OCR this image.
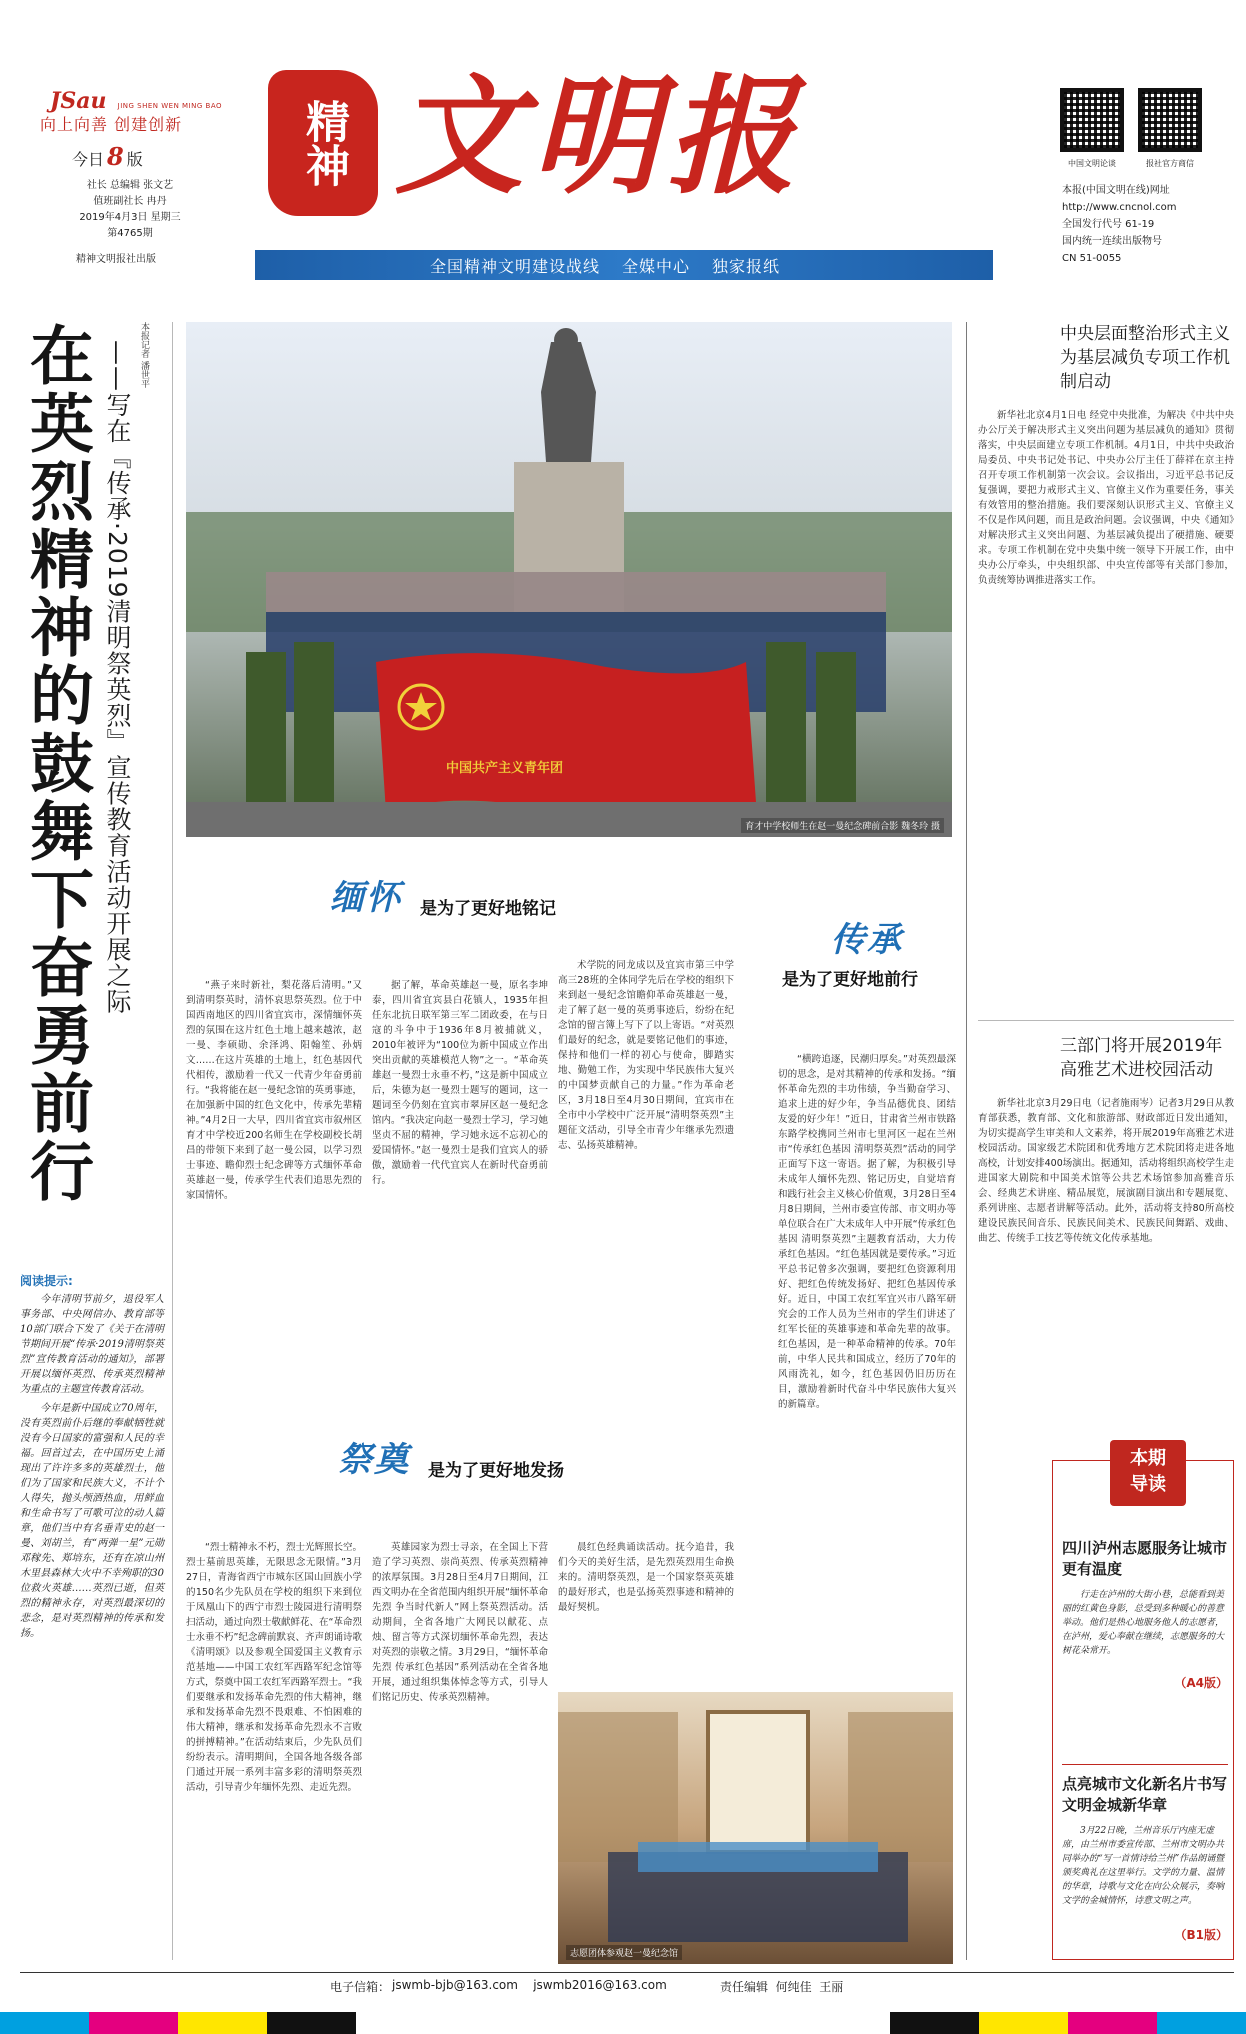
JSau JING SHEN WEN MING BAO
向上向善 创建创新
今日 8 版
社长 总编辑 张文艺
值班副社长 冉丹
2019年4月3日 星期三
第4765期
精神文明报社出版
精神 文明报
全国精神文明建设战线 全媒中心 独家报纸
中国文明论谈	报社官方商信
本报(中国文明在线)网址
http://www.cncnol.com
全国发行代号 61-19
国内统一连续出版物号
CN 51-0055
在英烈精神的鼓舞下奋勇前行 ——写在『传承·2019清明祭英烈』宣传教育活动开展之际 本报记者 潘世平
中国共产主义青年团
育才中学校师生在赵一曼纪念碑前合影 魏冬玲 摄
缅怀 是为了更好地铭记
传承
是为了更好地前行
祭奠 是为了更好地发扬
阅读提示:
今年清明节前夕，退役军人事务部、中央网信办、教育部等10部门联合下发了《关于在清明节期间开展“传承·2019清明祭英烈”宣传教育活动的通知》，部署开展以缅怀英烈、传承英烈精神为重点的主题宣传教育活动。
今年是新中国成立70周年，没有英烈前仆后继的奉献牺牲就没有今日国家的富强和人民的幸福。回首过去，在中国历史上涌现出了许许多多的英雄烈士，他们为了国家和民族大义，不计个人得失，抛头颅洒热血，用鲜血和生命书写了可歌可泣的动人篇章，他们当中有名垂青史的赵一曼、刘胡兰，有“两弹一星”元勋邓稼先、郑培东，还有在凉山州木里县森林大火中不幸殉职的30位救火英雄……英烈已逝，但英烈的精神永存，对英烈最深切的悲念，是对英烈精神的传承和发扬。

“燕子来时新社，梨花落后清明。”又到清明祭英时，清怀哀思祭英烈。位于中国西南地区的四川省宜宾市，深情缅怀英烈的氛围在这片红色土地上越来越浓，赵一曼、李硕勋、余泽鸿、阳翰笙、孙炳文……在这片英雄的土地上，红色基因代代相传，激励着一代又一代青少年奋勇前行。“我将能在赵一曼纪念馆的英勇事迹，在加强新中国的红色文化中，传承先辈精神。”4月2日一大早，四川省宜宾市叙州区育才中学校近200名师生在学校副校长胡昌的带领下来到了赵一曼公园，以学习烈士事迹、瞻仰烈士纪念碑等方式缅怀革命英雄赵一曼，传承学生代表们追思先烈的家国情怀。

据了解，革命英雄赵一曼，原名李坤泰，四川省宜宾县白花镇人，1935年担任东北抗日联军第三军二团政委，在与日寇的斗争中于1936年8月被捕就义，2010年被评为“100位为新中国成立作出突出贡献的英雄模范人物”之一。“革命英雄赵一曼烈士永垂不朽，”这是新中国成立后，朱德为赵一曼烈士题写的题词，这一题词至今仍刻在宜宾市翠屏区赵一曼纪念馆内。“我决定向赵一曼烈士学习，学习她坚贞不屈的精神，学习她永远不忘初心的爱国情怀。”赵一曼烈士是我们宜宾人的骄傲，激励着一代代宜宾人在新时代奋勇前行。

术学院的同龙成以及宜宾市第三中学高三28班的全体同学先后在学校的组织下来到赵一曼纪念馆瞻仰革命英雄赵一曼，走了解了赵一曼的英勇事迹后，纷纷在纪念馆的留言簿上写下了以上寄语。“对英烈们最好的纪念，就是要铭记他们的事迹，保持和他们一样的初心与使命，脚踏实地、勤勉工作，为实现中华民族伟大复兴的中国梦贡献自己的力量。”作为革命老区，3月18日至4月30日期间，宜宾市在全市中小学校中广泛开展“清明祭英烈”主题征文活动，引导全市青少年继承先烈遗志、弘扬英雄精神。

“横跨追逐，民潮归厚矣。”对英烈最深切的思念，是对其精神的传承和发扬。“缅怀革命先烈的丰功伟绩，争当勤奋学习、追求上进的好少年，争当品德优良、团结友爱的好少年！”近日，甘肃省兰州市铁路东路学校携同兰州市七里河区一起在兰州市“传承红色基因 清明祭英烈”活动的同学正面写下这一寄语。据了解，为积极引导未成年人缅怀先烈、铭记历史，自觉培育和践行社会主义核心价值观，3月28日至4月8日期间，兰州市委宣传部、市文明办等单位联合在广大未成年人中开展“传承红色基因 清明祭英烈”主题教育活动，大力传承红色基因。“红色基因就是要传承。”习近平总书记曾多次强调，要把红色资源利用好、把红色传统发扬好、把红色基因传承好。近日，中国工农红军宜兴市八路军研究会的工作人员为兰州市的学生们讲述了红军长征的英雄事迹和革命先辈的故事。红色基因，是一种革命精神的传承。70年前，中华人民共和国成立，经历了70年的风雨洗礼，如今，红色基因仍旧历历在目，激励着新时代奋斗中华民族伟大复兴的新篇章。

“烈士精神永不朽，烈士光辉照长空。烈士墓前思英雄，无限思念无限情。”3月27日，青海省西宁市城东区国山回族小学的150名少先队员在学校的组织下来到位于凤凰山下的西宁市烈士陵园进行清明祭扫活动，通过向烈士敬献鲜花、在“革命烈士永垂不朽”纪念碑前默哀、齐声朗诵诗歌《清明颂》以及参观全国爱国主义教育示范基地——中国工农红军西路军纪念馆等方式，祭奠中国工农红军西路军烈士。“我们要继承和发扬革命先烈的伟大精神，继承和发扬革命先烈不畏艰难、不怕困难的伟大精神，继承和发扬革命先烈永不言败的拼搏精神。”在活动结束后，少先队员们纷纷表示。清明期间，全国各地各级各部门通过开展一系列丰富多彩的清明祭英烈活动，引导青少年缅怀先烈、走近先烈。

英雄园家为烈士寻亲，在全国上下营造了学习英烈、崇尚英烈、传承英烈精神的浓厚氛围。3月28日至4月7日期间，江西文明办在全省范围内组织开展“缅怀革命先烈 争当时代新人”网上祭英烈活动。活动期间，全省各地广大网民以献花、点烛、留言等方式深切缅怀革命先烈，表达对英烈的崇敬之情。3月29日，“缅怀革命先烈 传承红色基因”系列活动在全省各地开展，通过组织集体悼念等方式，引导人们铭记历史、传承英烈精神。

晨红色经典诵读活动。抚今追昔，我们今天的美好生活，是先烈英烈用生命换来的。清明祭英烈，是一个国家祭英英雄的最好形式，也是弘扬英烈事迹和精神的最好契机。

志愿团体参观赵一曼纪念馆
中央层面整治形式主义为基层减负专项工作机制启动

新华社北京4月1日电 经党中央批准，为解决《中共中央办公厅关于解决形式主义突出问题为基层减负的通知》贯彻落实，中央层面建立专项工作机制。4月1日，中共中央政治局委员、中央书记处书记、中央办公厅主任丁薛祥在京主持召开专项工作机制第一次会议。会议指出，习近平总书记反复强调，要把力戒形式主义、官僚主义作为重要任务，事关有效管用的整治措施。我们要深刻认识形式主义、官僚主义不仅是作风问题，而且是政治问题。会议强调，中央《通知》对解决形式主义突出问题、为基层减负提出了硬措施、硬要求。专项工作机制在党中央集中统一领导下开展工作，由中央办公厅牵头，中央组织部、中央宣传部等有关部门参加，负责统筹协调推进落实工作。

三部门将开展2019年高雅艺术进校园活动

新华社北京3月29日电（记者施雨岑）记者3月29日从教育部获悉，教育部、文化和旅游部、财政部近日发出通知，为切实提高学生审美和人文素养，将开展2019年高雅艺术进校园活动。国家级艺术院团和优秀地方艺术院团将走进各地高校，计划安排400场演出。据通知，活动将组织高校学生走进国家大剧院和中国美术馆等公共艺术场馆参加高雅音乐会、经典艺术讲座、精品展览，展演剧目演出和专题展览、系列讲座、志愿者讲解等活动。此外，活动将支持80所高校建设民族民间音乐、民族民间美术、民族民间舞蹈、戏曲、曲艺、传统手工技艺等传统文化传承基地。

本期
导读
四川泸州志愿服务让城市更有温度
行走在泸州的大街小巷，总能看到美丽的红黄色身影，总受到多种暖心的善意举动。他们是热心地服务他人的志愿者，在泸州，爱心奉献在继续，志愿服务的大树花朵常开。
（A4版）
点亮城市文化新名片书写文明金城新华章
3月22日晚，兰州音乐厅内座无虚席，由兰州市委宣传部、兰州市文明办共同举办的“写一首情诗给兰州”作品朗诵暨颁奖典礼在这里举行。文学的力量、温情的华章，诗歌与文化在向公众展示，奏响文学的金城情怀，诗意文明之声。
（B1版）
电子信箱： jswmb-bjb@163.com    jswmb2016@163.com	责任编辑  何纯佳  王丽
